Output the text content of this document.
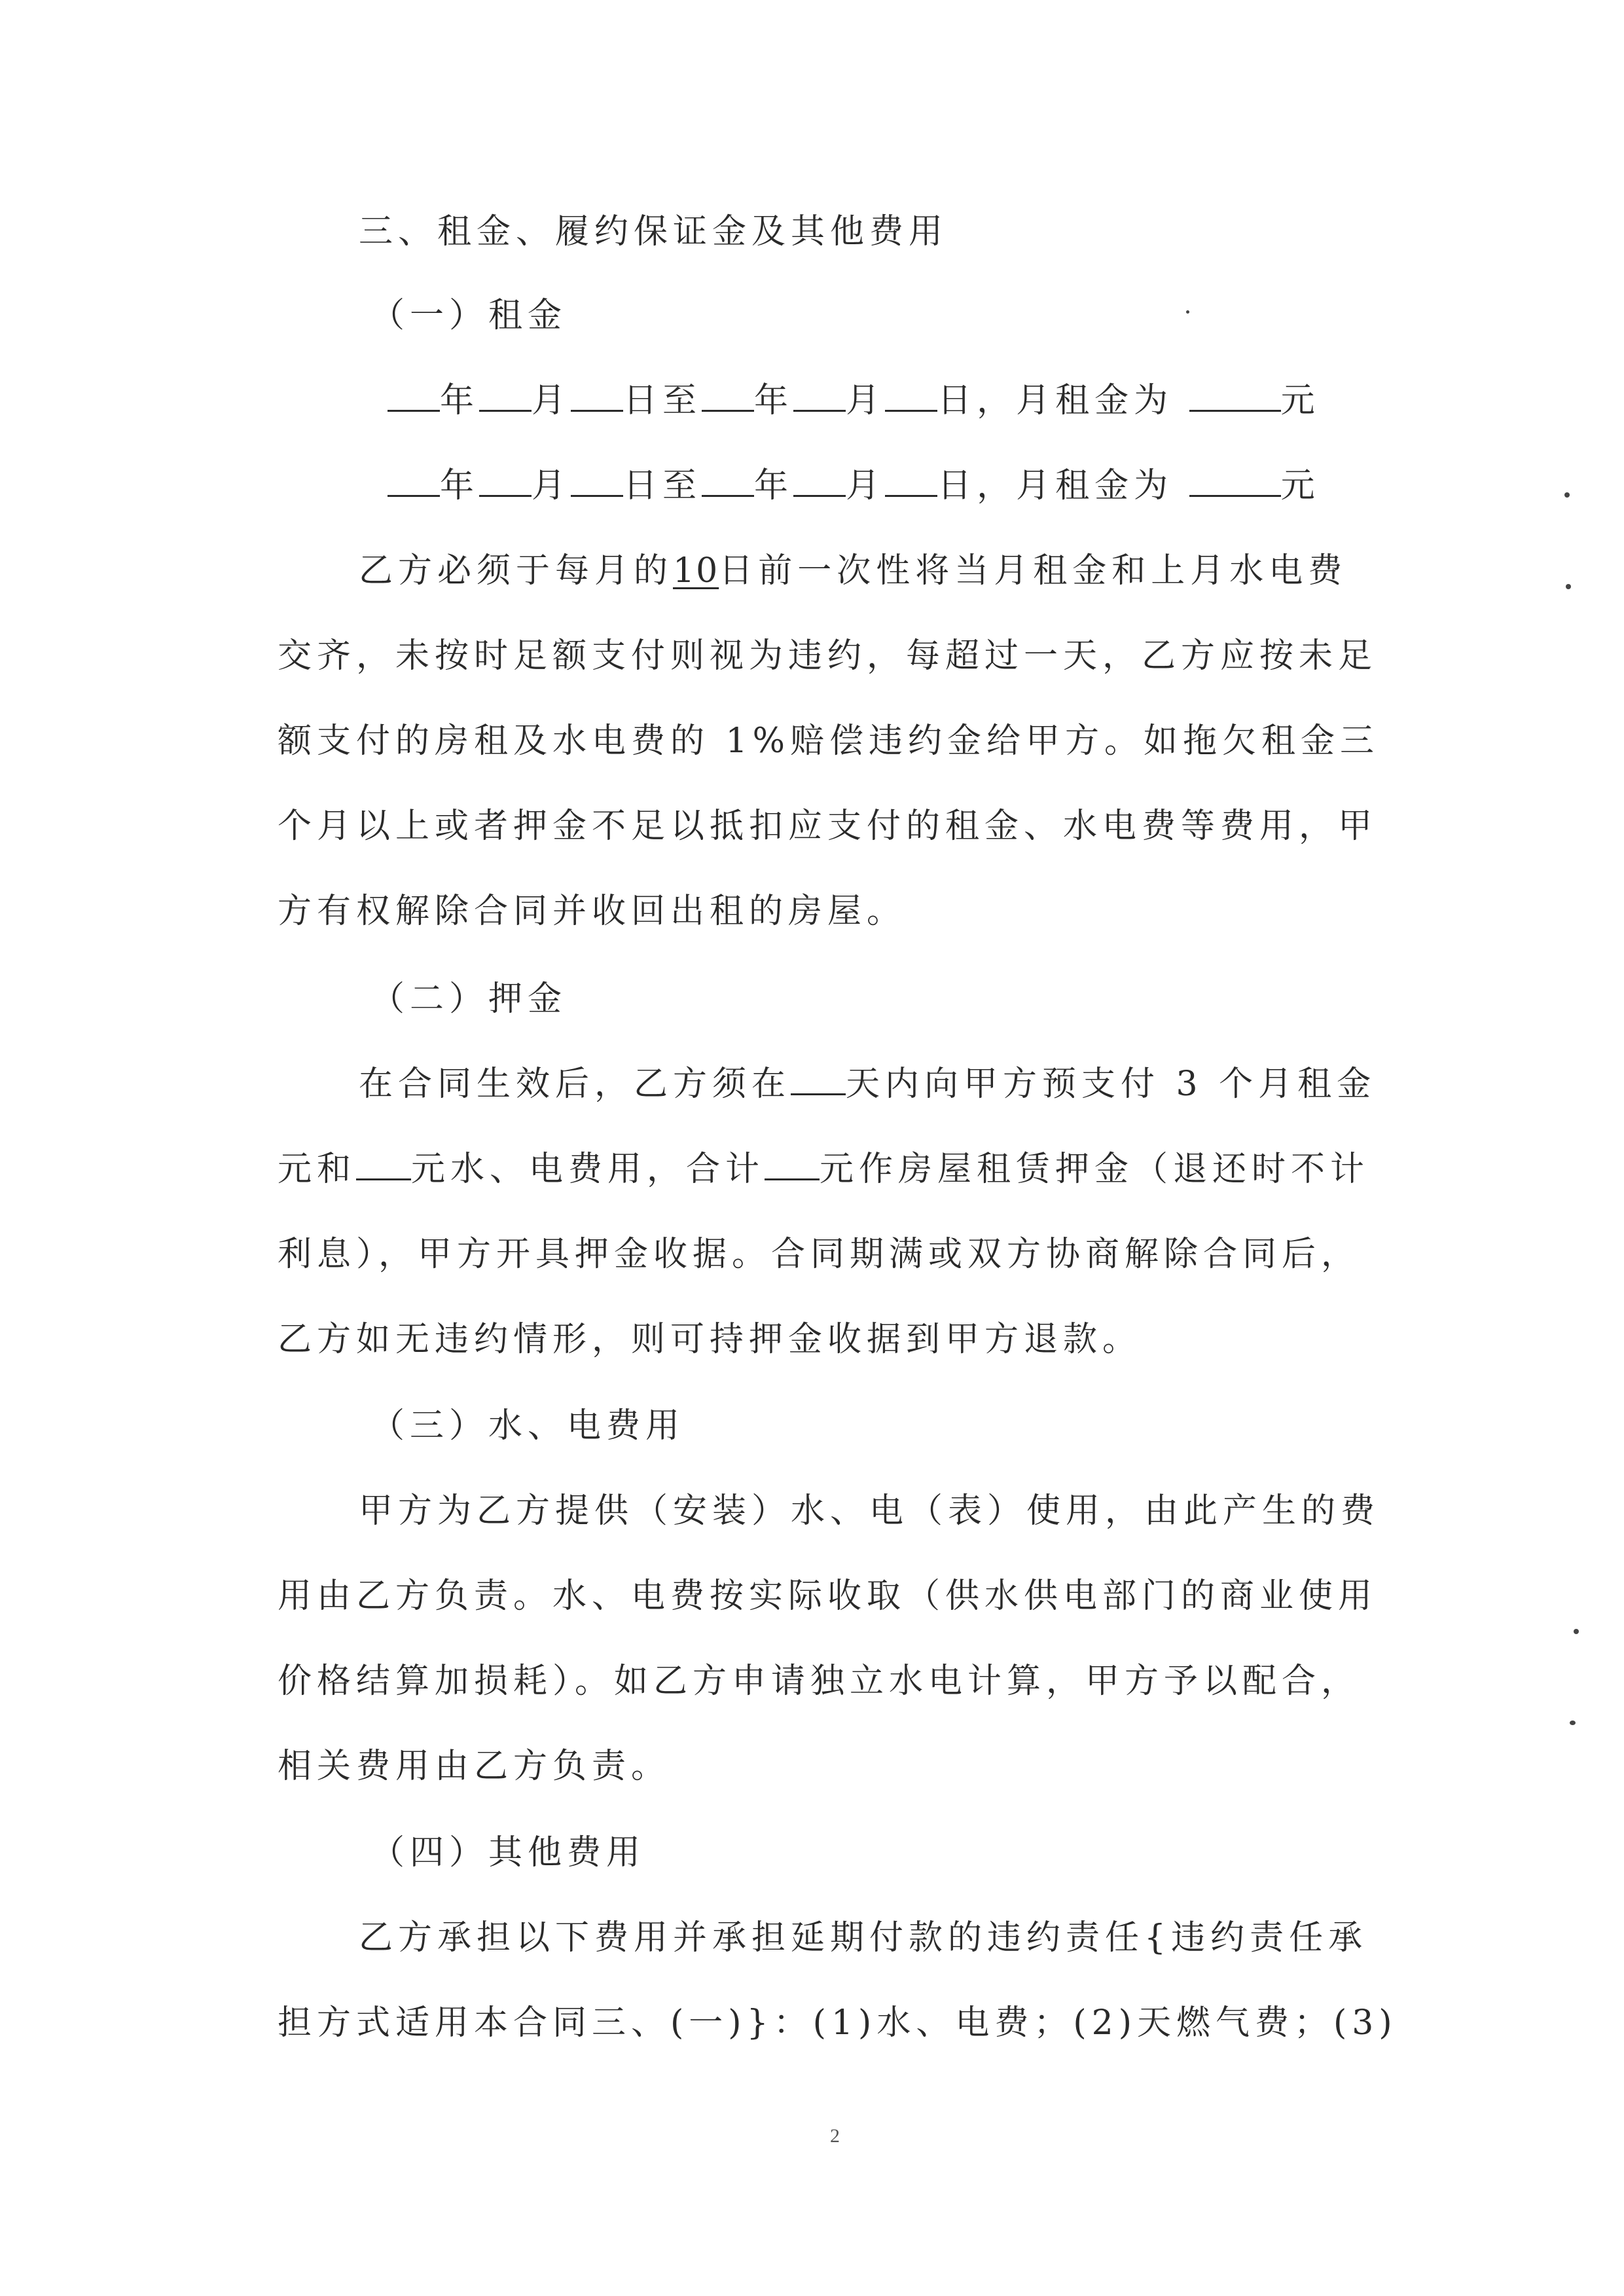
三、租金、履约保证金及其他费用
（一）租金
年 月 日至 年 月 日，月租金为	元
年 月 日至 年 月 日，月租金为	元
乙方必须于每月的10日前一次性将当月租金和上月水电费
交齐，未按时足额支付则视为违约，每超过一天，乙方应按未足
额支付的房租及水电费的 1%赔偿违约金给甲方。如拖欠租金三
个月以上或者押金不足以抵扣应支付的租金、水电费等费用，甲
方有权解除合同并收回出租的房屋。
（二）押金
在合同生效后，乙方须在 天内向甲方预支付 3 个月租金
元和 元水、电费用，合计 元作房屋租赁押金（退还时不计
利息），甲方开具押金收据。合同期满或双方协商解除合同后，
乙方如无违约情形，则可持押金收据到甲方退款。
（三）水、电费用
甲方为乙方提供（安装）水、电（表）使用，由此产生的费
用由乙方负责。水、电费按实际收取（供水供电部门的商业使用
价格结算加损耗）。如乙方申请独立水电计算，甲方予以配合，
相关费用由乙方负责。
（四）其他费用
乙方承担以下费用并承担延期付款的违约责任{违约责任承
担方式适用本合同三、(一)}：(1)水、电费；(2)天燃气费；(3)
2
